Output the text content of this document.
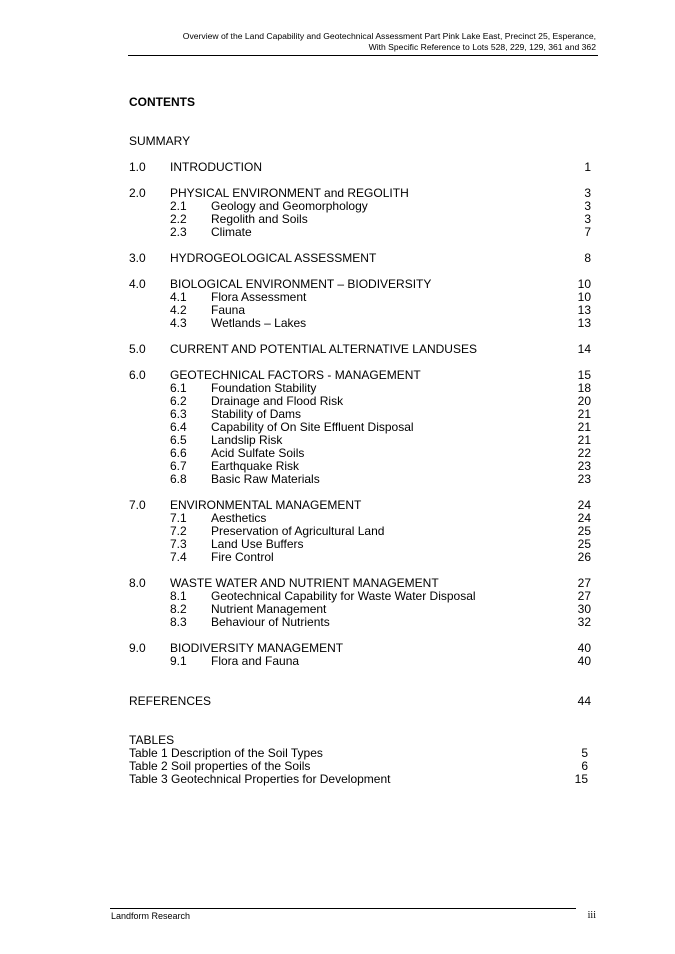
Overview of the Land Capability and Geotechnical Assessment Part Pink Lake East, Precinct 25, Esperance,
With Specific Reference to Lots 528, 229, 129, 361 and 362
CONTENTS
SUMMARY
1.0 INTRODUCTION	1
2.0 PHYSICAL ENVIRONMENT and REGOLITH	3
2.1 Geology and Geomorphology	3
2.2 Regolith and Soils	3
2.3 Climate	7
3.0 HYDROGEOLOGICAL ASSESSMENT	8
4.0 BIOLOGICAL ENVIRONMENT – BIODIVERSITY	10
4.1 Flora Assessment	10
4.2 Fauna	13
4.3 Wetlands – Lakes	13
5.0 CURRENT AND POTENTIAL ALTERNATIVE LANDUSES	14
6.0 GEOTECHNICAL FACTORS - MANAGEMENT	15
6.1 Foundation Stability	18
6.2 Drainage and Flood Risk	20
6.3 Stability of Dams	21
6.4 Capability of On Site Effluent Disposal	21
6.5 Landslip Risk	21
6.6 Acid Sulfate Soils	22
6.7 Earthquake Risk	23
6.8 Basic Raw Materials	23
7.0 ENVIRONMENTAL MANAGEMENT	24
7.1 Aesthetics	24
7.2 Preservation of Agricultural Land	25
7.3 Land Use Buffers	25
7.4 Fire Control	26
8.0 WASTE WATER AND NUTRIENT MANAGEMENT	27
8.1 Geotechnical Capability for Waste Water Disposal	27
8.2 Nutrient Management	30
8.3 Behaviour of Nutrients	32
9.0 BIODIVERSITY MANAGEMENT	40
9.1 Flora and Fauna	40
REFERENCES	44
TABLES
Table 1 Description of the Soil Types	5
Table 2 Soil properties of the Soils	6
Table 3 Geotechnical Properties for Development	15
Landform Research	iii
